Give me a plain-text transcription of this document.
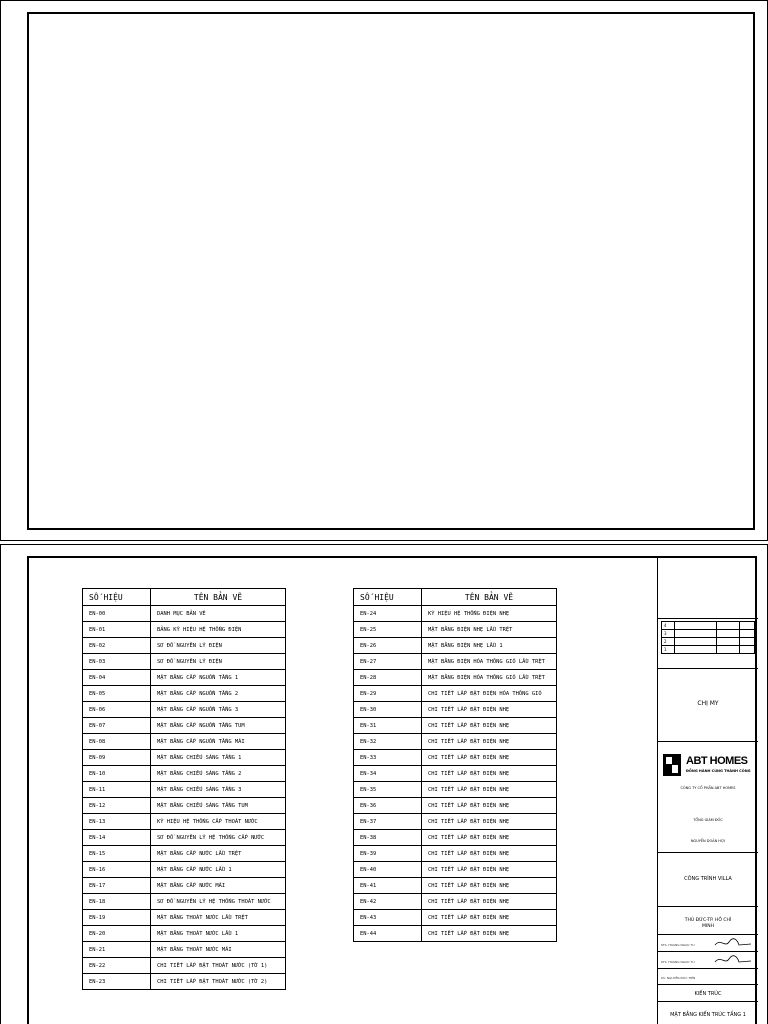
SỐ HIỆU	TÊN BẢN VẼ
EN-00	DANH MỤC BẢN VẼ
EN-01	BẢNG KÝ HIỆU HỆ THỐNG ĐIỆN
EN-02	SƠ ĐỒ NGUYÊN LÝ ĐIỆN
EN-03	SƠ ĐỒ NGUYÊN LÝ ĐIỆN
EN-04	MẶT BẰNG CẤP NGUỒN TẦNG 1
EN-05	MẶT BẰNG CẤP NGUỒN TẦNG 2
EN-06	MẶT BẰNG CẤP NGUỒN TẦNG 3
EN-07	MẶT BẰNG CẤP NGUỒN TẦNG TUM
EN-08	MẶT BẰNG CẤP NGUỒN TẦNG MÁI
EN-09	MẶT BẰNG CHIẾU SÁNG TẦNG 1
EN-10	MẶT BẰNG CHIẾU SÁNG TẦNG 2
EN-11	MẶT BẰNG CHIẾU SÁNG TẦNG 3
EN-12	MẶT BẰNG CHIẾU SÁNG TẦNG TUM
EN-13	KÝ HIỆU HỆ THỐNG CẤP THOÁT NƯỚC
EN-14	SƠ ĐỒ NGUYÊN LÝ HỆ THỐNG CẤP NƯỚC
EN-15	MẶT BẰNG CẤP NƯỚC LẦU TRỆT
EN-16	MẶT BẰNG CẤP NƯỚC LẦU 1
EN-17	MẶT BẰNG CẤP NƯỚC MÁI
EN-18	SƠ ĐỒ NGUYÊN LÝ HỆ THỐNG THOÁT NƯỚC
EN-19	MẶT BẰNG THOÁT NƯỚC LẦU TRỆT
EN-20	MẶT BẰNG THOÁT NƯỚC LẦU 1
EN-21	MẶT BẰNG THOÁT NƯỚC MÁI
EN-22	CHI TIẾT LẮP ĐẶT THOÁT NƯỚC (TỜ 1)
EN-23	CHI TIẾT LẮP ĐẶT THOÁT NƯỚC (TỜ 2)
SỐ HIỆU	TÊN BẢN VẼ
EN-24	KÝ HIỆU HỆ THỐNG ĐIỆN NHẸ
EN-25	MẶT BẰNG ĐIỆN NHẸ LẦU TRỆT
EN-26	MẶT BẰNG ĐIỆN NHẸ LẦU 1
EN-27	MẶT BẰNG ĐIỆN HÓA THÔNG GIÓ LẦU TRỆT
EN-28	MẶT BẰNG ĐIỆN HÓA THÔNG GIÓ LẦU TRỆT
EN-29	CHI TIẾT LẮP ĐẶT ĐIỆN HÓA THÔNG GIÓ
EN-30	CHI TIẾT LẮP ĐẶT ĐIỆN NHẸ
EN-31	CHI TIẾT LẮP ĐẶT ĐIỆN NHẸ
EN-32	CHI TIẾT LẮP ĐẶT ĐIỆN NHẸ
EN-33	CHI TIẾT LẮP ĐẶT ĐIỆN NHẸ
EN-34	CHI TIẾT LẮP ĐẶT ĐIỆN NHẸ
EN-35	CHI TIẾT LẮP ĐẶT ĐIỆN NHẸ
EN-36	CHI TIẾT LẮP ĐẶT ĐIỆN NHẸ
EN-37	CHI TIẾT LẮP ĐẶT ĐIỆN NHẸ
EN-38	CHI TIẾT LẮP ĐẶT ĐIỆN NHẸ
EN-39	CHI TIẾT LẮP ĐẶT ĐIỆN NHẸ
EN-40	CHI TIẾT LẮP ĐẶT ĐIỆN NHẸ
EN-41	CHI TIẾT LẮP ĐẶT ĐIỆN NHẸ
EN-42	CHI TIẾT LẮP ĐẶT ĐIỆN NHẸ
EN-43	CHI TIẾT LẮP ĐẶT ĐIỆN NHẸ
EN-44	CHI TIẾT LẮP ĐẶT ĐIỆN NHẸ
4			
3			
2			
1			
CHỊ MY
ABT HOMES
ĐỒNG HÀNH CÙNG THÀNH CÔNG
CÔNG TY CỔ PHẦN ABT HOMES
TỔNG GIÁM ĐỐC
NGUYỄN DOÃN HỢI
CÔNG TRÌNH VILLA
THỦ ĐỨC-TP. HỒ CHÍ
MINH
KTS. HOÀNG NGỌC TÚ
KTS. HOÀNG NGỌC TÚ
KS. NGUYỄN ĐỨC TIẾN
KIẾN TRÚC
MẶT BẰNG KIẾN TRÚC TẦNG 1
